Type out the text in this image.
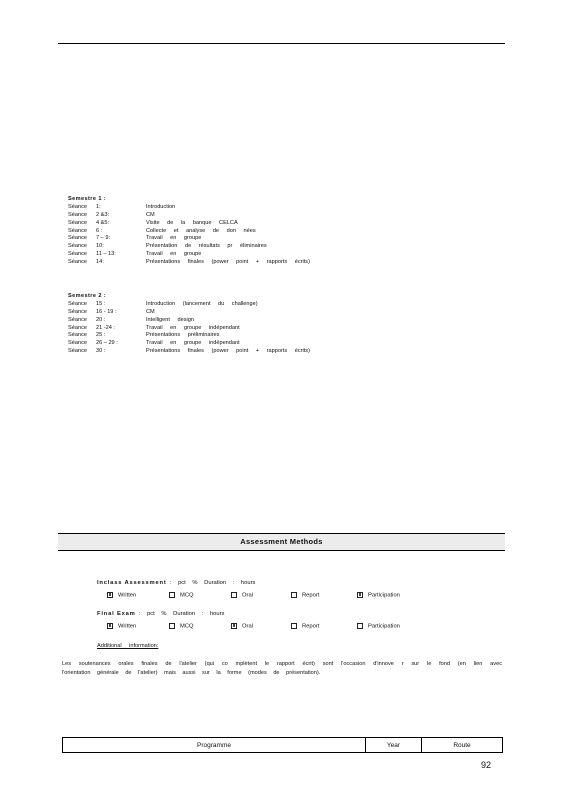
Semestre 1 :
Séance 1:	Introduction
Séance 2 &3:	CM
Séance 4 &5:	Visite de la banque CELCA
Séance 6 :	Collecte et analyse de don nées
Séance 7 – 9:	Travail en groupe
Séance 10:	Présentation de résultats pr éliminaires
Séance 11 – 13:	Travail en groupe
Séance 14:	Présentations finales (power point + rapports écrits)
Semestre 2 :
Séance 15 :	Introduction (lancement du challenge)
Séance 16 - 19 :	CM
Séance 20 :	Intelligent design
Séance 21 -24 :	Travail en groupe indépendant
Séance 25 :	Présentations préliminaires
Séance 26 – 29 :	Travail en groupe indépendant
Séance 30 :	Présentations finales (power point + rapports écrits)
Assessment Methods
Inclass Assessment : pct % Duration : hours
Written	MCQ	Oral	Report	Participation
Final Exam : pct % Duration : hours
Written	MCQ	Oral	Report	Participation
Additional information:
Les soutenances orales finales de l'atelier (qui co mplètent le rapport écrit) sont l'occasion d'innove r sur le fond (en lien avec l'orientation générale de l'atelier) mais aussi sur la forme (modes de présentation).
Programme	Year	Route
92
